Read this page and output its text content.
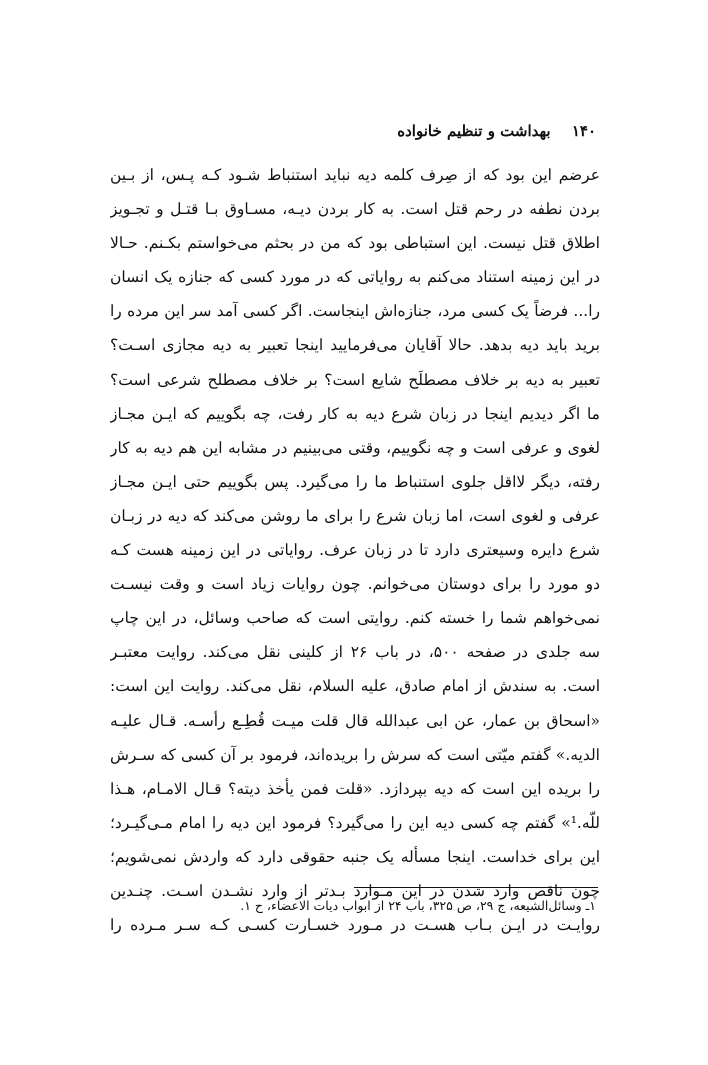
۱۴۰ بهداشت و تنظیم خانواده
عرضم این بود که از صِرف کلمه دیه نباید استنباط شـود کـه پـس، از بـین
بردن نطفه در رحم قتل است. به کار بردن دیـه، مسـاوق بـا قتـل و تجـویز
اطلاق قتل نیست. این استباطی بود که من در بحثم می‌خواستم بکـنم. حـالا
در این زمینه استناد می‌کنم به روایاتی که در مورد کسی که جنازه یک انسان
را... فرضاً یک کسی مرد، جنازه‌اش اینجاست. اگر کسی آمد سر این مرده را
برید باید دیه بدهد. حالا آقایان می‌فرمایید اینجا تعبیر به دیه مجازی اسـت؟
تعبیر به دیه بر خلاف مصطلَح شایع است؟ بر خلاف مصطلح شرعی است؟
ما اگر دیدیم اینجا در زبان شرع دیه به کار رفت، چه بگوییم که ایـن مجـاز
لغوی و عرفی است و چه نگوییم، وقتی می‌بینیم در مشابه این هم دیه به کار
رفته، دیگر لااقل جلوی استنباط ما را می‌گیرد. پس بگوییم حتی ایـن مجـاز
عرفی و لغوی است، اما زبان شرع را برای ما روشن می‌کند که دیه در زبـان
شرع دایره وسیعتری دارد تا در زبان عرف. روایاتی در این زمینه هست کـه
دو مورد را برای دوستان می‌خوانم. چون روایات زیاد است و وقت نیسـت
نمی‌خواهم شما را خسته کنم. روایتی است که صاحب وسائل، در این چاپ
سه جلدی در صفحه ۵۰۰، در باب ۲۶ از کلینی نقل می‌کند. روایت معتبـر
است. به سندش از امام صادق، علیه السلام، نقل می‌کند. روایت این است:
«اسحاق بن عمار، عن ابی عبدالله قال قلت میـت قُطِـع رأسـه. قـال علیـه
الدیه.» گفتم میّتی است که سرش را بریده‌اند، فرمود بر آن کسی که سـرش
را بریده این است که دیه بپردازد. «قلت فمن یأخذ دیته؟ قـال الامـام، هـذا
للّه.¹» گفتم چه کسی دیه این را می‌گیرد؟ فرمود این دیه را امام مـی‌گیـرد؛
این برای خداست. اینجا مسأله یک جنبه حقوقی دارد که واردش نمی‌شویم؛
چون ناقص وارد شدن در این مـوارد بـدتر از وارد نشـدن اسـت. چنـدین
روایـت در ایـن بـاب هسـت در مـورد خسـارت کسـی کـه سـر مـرده را
۱ـ وسائل‌الشیعه، ج ۲۹، ص ۳۲۵، باب ۲۴ از ابواب دیات الاعضاء، ح ۱.
